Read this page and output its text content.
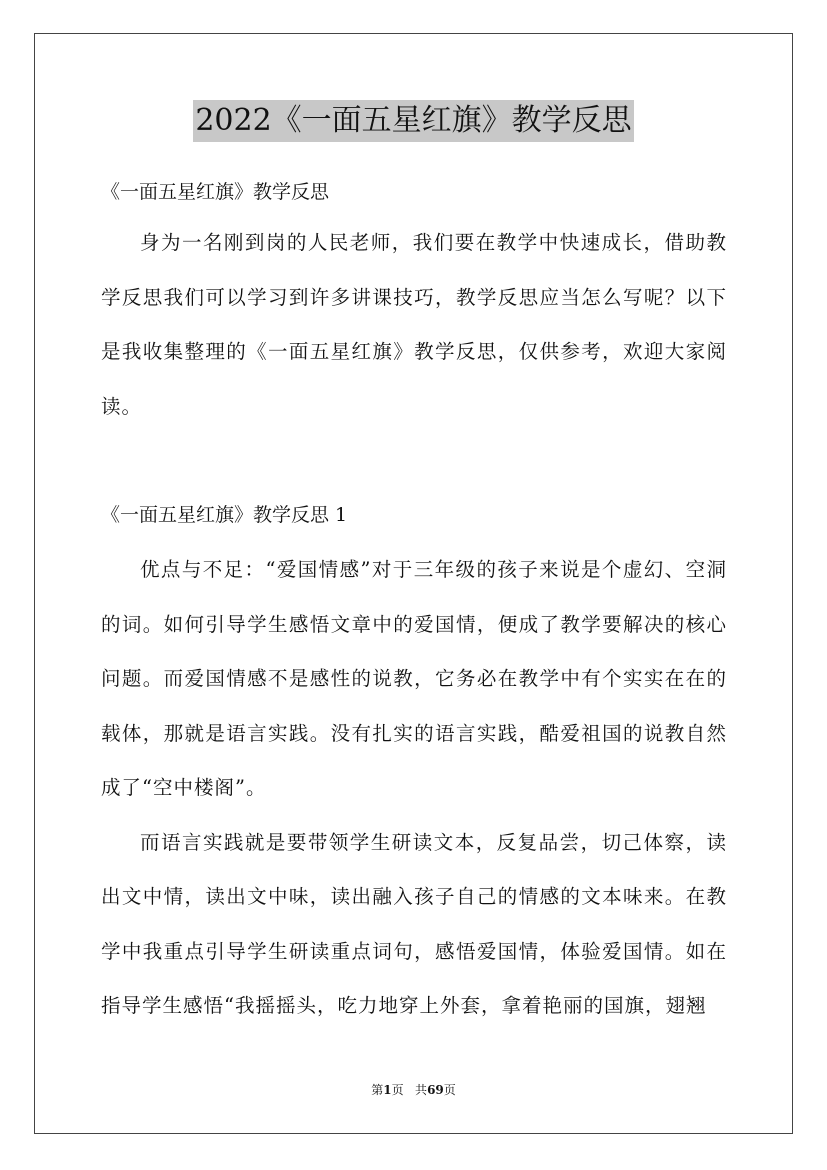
2022《一面五星红旗》教学反思

《一面五星红旗》教学反思

身为一名刚到岗的人民老师，我们要在教学中快速成长，借助教学反思我们可以学习到许多讲课技巧，教学反思应当怎么写呢？以下是我收集整理的《一面五星红旗》教学反思，仅供参考，欢迎大家阅读。

《一面五星红旗》教学反思 1

优点与不足：“爱国情感”对于三年级的孩子来说是个虚幻、空洞的词。如何引导学生感悟文章中的爱国情，便成了教学要解决的核心问题。而爱国情感不是感性的说教，它务必在教学中有个实实在在的载体，那就是语言实践。没有扎实的语言实践，酷爱祖国的说教自然成了“空中楼阁”。

而语言实践就是要带领学生研读文本，反复品尝，切己体察，读出文中情，读出文中味，读出融入孩子自己的情感的文本味来。在教学中我重点引导学生研读重点词句，感悟爱国情，体验爱国情。如在指导学生感悟“我摇摇头，吃力地穿上外套，拿着艳丽的国旗，翅翘

第1页 共69页
